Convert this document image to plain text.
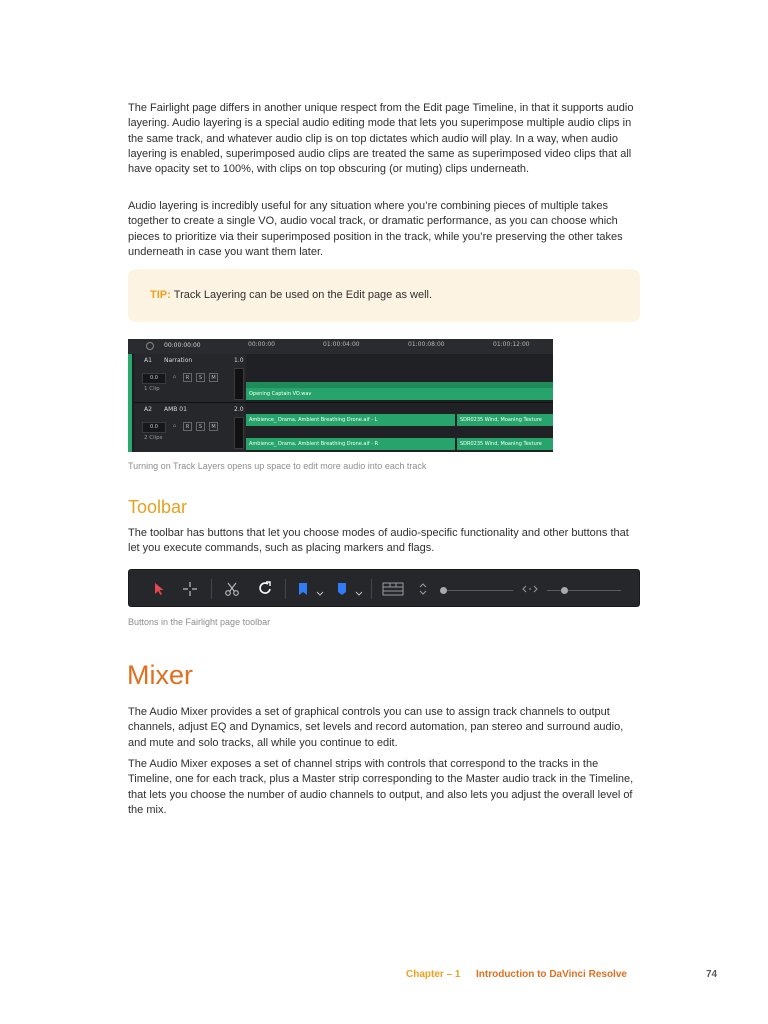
The Fairlight page differs in another unique respect from the Edit page Timeline, in that it supports audio layering. Audio layering is a special audio editing mode that lets you superimpose multiple audio clips in the same track, and whatever audio clip is on top dictates which audio will play. In a way, when audio layering is enabled, superimposed audio clips are treated the same as superimposed video clips that all have opacity set to 100%, with clips on top obscuring (or muting) clips underneath.

Audio layering is incredibly useful for any situation where you’re combining pieces of multiple takes together to create a single VO, audio vocal track, or dramatic performance, as you can choose which pieces to prioritize via their superimposed position in the track, while you’re preserving the other takes underneath in case you want them later.

TIP: Track Layering can be used on the Edit page as well.
00:00:00:00	00:00:00	01:00:04:00	01:00:08:00	01:00:12:00
A1 Narration	1.0
0.0	⌂	R	S	M
1 Clip
Opening Captain VO.wav
A2 AMB 01	2.0
0.0	⌂	R	S	M
2 Clips
Ambience_ Drama, Ambient Breathing Drone.aif - L	SDR0235 Wind, Moaning Texture
Ambience_ Drama, Ambient Breathing Drone.aif - R	SDR0235 Wind, Moaning Texture

Turning on Track Layers opens up space to edit more audio into each track

Toolbar

The toolbar has buttons that let you choose modes of audio-specific functionality and other buttons that let you execute commands, such as placing markers and flags.

Buttons in the Fairlight page toolbar

Mixer

The Audio Mixer provides a set of graphical controls you can use to assign track channels to output channels, adjust EQ and Dynamics, set levels and record automation, pan stereo and surround audio, and mute and solo tracks, all while you continue to edit.

The Audio Mixer exposes a set of channel strips with controls that correspond to the tracks in the Timeline, one for each track, plus a Master strip corresponding to the Master audio track in the Timeline, that lets you choose the number of audio channels to output, and also lets you adjust the overall level of the mix.

Chapter – 1 Introduction to DaVinci Resolve	74
